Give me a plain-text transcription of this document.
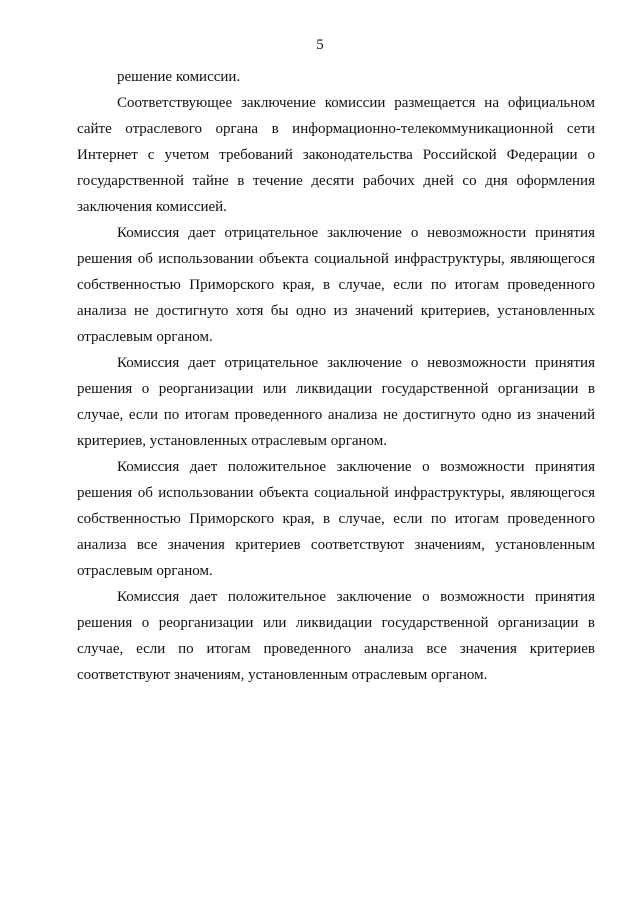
5

решение комиссии.

Соответствующее заключение комиссии размещается на официальном сайте отраслевого органа в информационно-телекоммуникационной сети Интернет с учетом требований законодательства Российской Федерации о государственной тайне в течение десяти рабочих дней со дня оформления заключения комиссией.

Комиссия дает отрицательное заключение о невозможности принятия решения об использовании объекта социальной инфраструктуры, являющегося собственностью Приморского края, в случае, если по итогам проведенного анализа не достигнуто хотя бы одно из значений критериев, установленных отраслевым органом.

Комиссия дает отрицательное заключение о невозможности принятия решения о реорганизации или ликвидации государственной организации в случае, если по итогам проведенного анализа не достигнуто одно из значений критериев, установленных отраслевым органом.

Комиссия дает положительное заключение о возможности принятия решения об использовании объекта социальной инфраструктуры, являющегося собственностью Приморского края, в случае, если по итогам проведенного анализа все значения критериев соответствуют значениям, установленным отраслевым органом.

Комиссия дает положительное заключение о возможности принятия решения о реорганизации или ликвидации государственной организации в случае, если по итогам проведенного анализа все значения критериев соответствуют значениям, установленным отраслевым органом.
